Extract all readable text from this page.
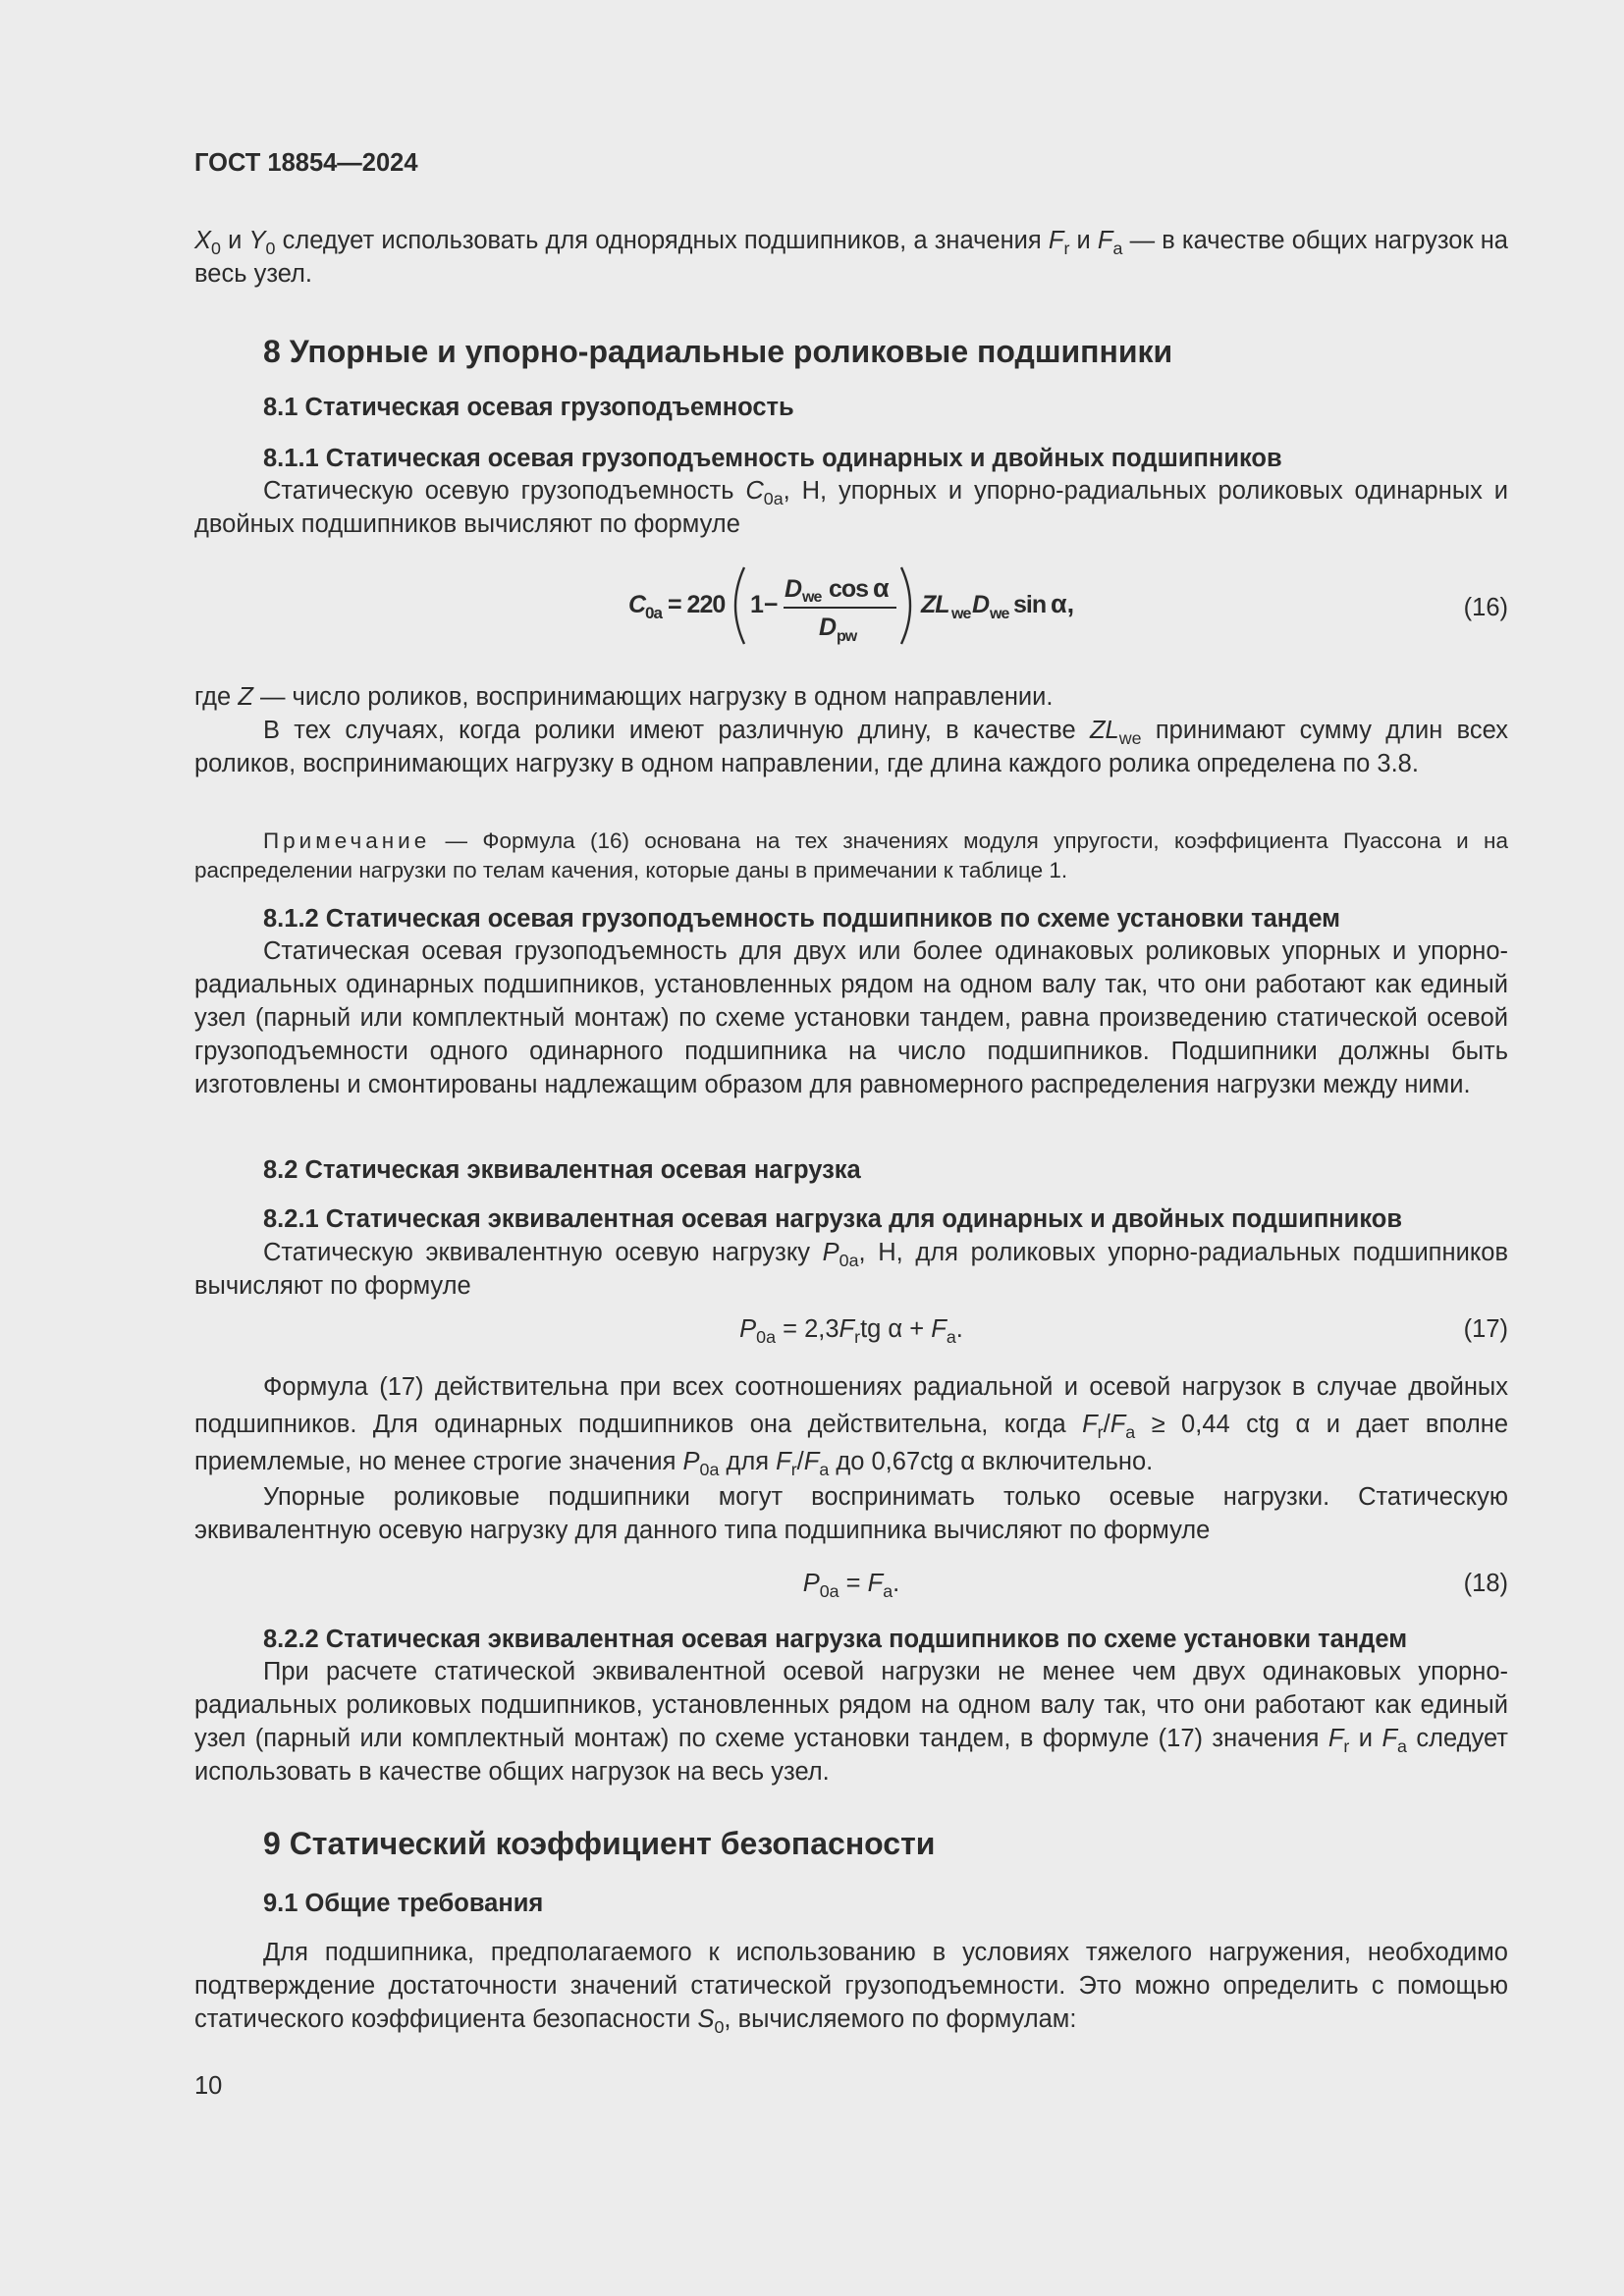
ГОСТ 18854—2024
$X_0$ и $Y_0$ следует использовать для однорядных подшипников, а значения $F_r$ и $F_a$ — в качестве общих нагрузок на весь узел.
8 Упорные и упорно-радиальные роликовые подшипники
8.1 Статическая осевая грузоподъемность
8.1.1 Статическая осевая грузоподъемность одинарных и двойных подшипников
Статическую осевую грузоподъемность $C_{0a}$, Н, упорных и упорно-радиальных роликовых одинарных и двойных подшипников вычисляют по формуле
C 0a = 220 1−
D we cos α
D pw
ZL we D we sin α,	(16)
где Z — число роликов, воспринимающих нагрузку в одном направлении.
В тех случаях, когда ролики имеют различную длину, в качестве $ZL_{we}$ принимают сумму длин всех роликов, воспринимающих нагрузку в одном направлении, где длина каждого ролика определена по 3.8.
Примечание — Формула (16) основана на тех значениях модуля упругости, коэффициента Пуассона и на распределении нагрузки по телам качения, которые даны в примечании к таблице 1.
8.1.2 Статическая осевая грузоподъемность подшипников по схеме установки тандем
Статическая осевая грузоподъемность для двух или более одинаковых роликовых упорных и упорно-радиальных одинарных подшипников, установленных рядом на одном валу так, что они работают как единый узел (парный или комплектный монтаж) по схеме установки тандем, равна произведению статической осевой грузоподъемности одного одинарного подшипника на число подшипников. Подшипники должны быть изготовлены и смонтированы надлежащим образом для равномерного распределения нагрузки между ними.
8.2 Статическая эквивалентная осевая нагрузка
8.2.1 Статическая эквивалентная осевая нагрузка для одинарных и двойных подшипников
Статическую эквивалентную осевую нагрузку $P_{0a}$, Н, для роликовых упорно-радиальных подшипников вычисляют по формуле
$P_{0a} = 2,3F_rtg$ $\alpha + F_a$.	(17)
Формула (17) действительна при всех соотношениях радиальной и осевой нагрузок в случае двойных подшипников. Для одинарных подшипников она действительна, когда $F_r/F_a \ge 0,44$ ctg α и дает вполне приемлемые, но менее строгие значения $P_{0a}$ для $F_r/F_a$ до 0,67ctg α включительно.
Упорные роликовые подшипники могут воспринимать только осевые нагрузки. Статическую эквивалентную осевую нагрузку для данного типа подшипника вычисляют по формуле
$P_{0a} = F_a$.	(18)
8.2.2 Статическая эквивалентная осевая нагрузка подшипников по схеме установки тандем
При расчете статической эквивалентной осевой нагрузки не менее чем двух одинаковых упорно-радиальных роликовых подшипников, установленных рядом на одном валу так, что они работают как единый узел (парный или комплектный монтаж) по схеме установки тандем, в формуле (17) значения $F_r$ и $F_a$ следует использовать в качестве общих нагрузок на весь узел.
9 Статический коэффициент безопасности
9.1 Общие требования
Для подшипника, предполагаемого к использованию в условиях тяжелого нагружения, необходимо подтверждение достаточности значений статической грузоподъемности. Это можно определить с помощью статического коэффициента безопасности $S_0$, вычисляемого по формулам:
10
